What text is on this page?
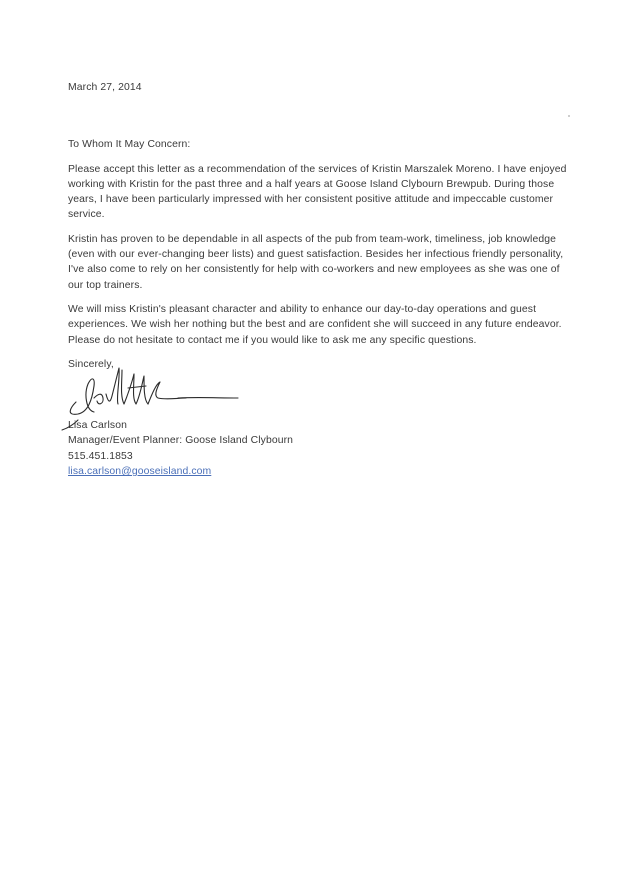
March 27, 2014

To Whom It May Concern:

Please accept this letter as a recommendation of the services of Kristin Marszalek Moreno. I have enjoyed working with Kristin for the past three and a half years at Goose Island Clybourn Brewpub. During those years, I have been particularly impressed with her consistent positive attitude and impeccable customer service.

Kristin has proven to be dependable in all aspects of the pub from team-work, timeliness, job knowledge (even with our ever-changing beer lists) and guest satisfaction. Besides her infectious friendly personality, I've also come to rely on her consistently for help with co-workers and new employees as she was one of our top trainers.

We will miss Kristin's pleasant character and ability to enhance our day-to-day operations and guest experiences. We wish her nothing but the best and are confident she will succeed in any future endeavor. Please do not hesitate to contact me if you would like to ask me any specific questions.

Sincerely,

Lisa Carlson

Manager/Event Planner: Goose Island Clybourn

515.451.1853

lisa.carlson@gooseisland.com
